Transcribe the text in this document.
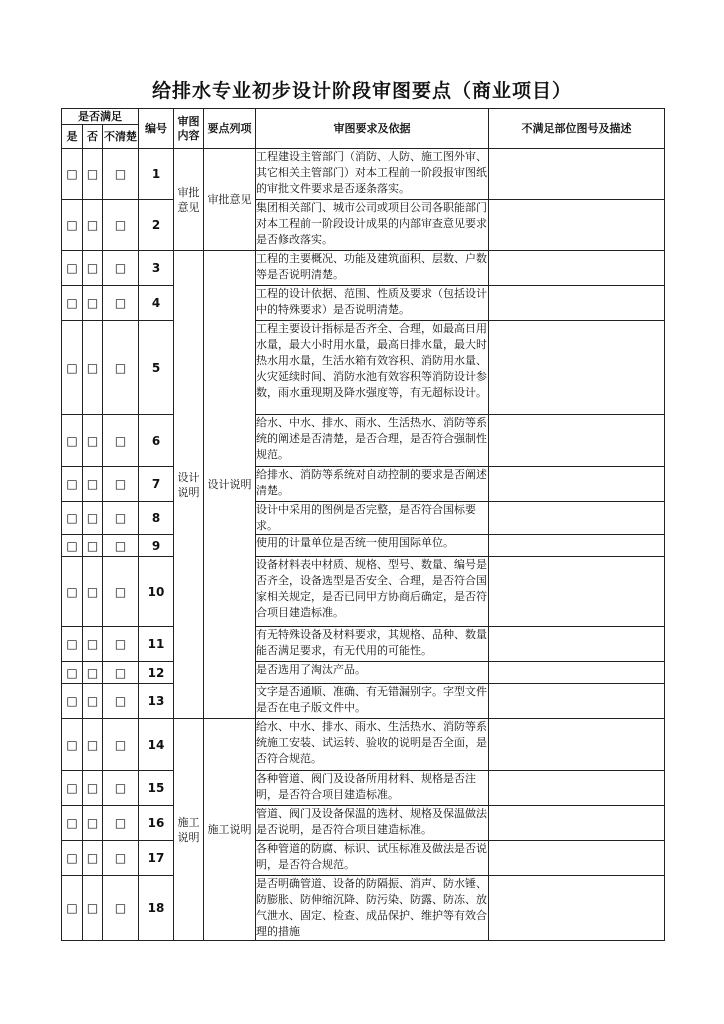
给排水专业初步设计阶段审图要点（商业项目）
是否满足			编号	审图内容	要点列项	审图要求及依据	不满足部位图号及描述
是	否	不清楚					
□	□	□	1	审批意见	审批意见	工程建设主管部门（消防、人防、施工图外审、其它相关主管部门）对本工程前一阶段报审图纸的审批文件要求是否逐条落实。	
□	□	□	2			集团相关部门、城市公司或项目公司各职能部门对本工程前一阶段设计成果的内部审查意见要求是否修改落实。	
□	□	□	3	设计说明	设计说明	工程的主要概况、功能及建筑面积、层数、户数等是否说明清楚。	
□	□	□	4			工程的设计依据、范围、性质及要求（包括设计中的特殊要求）是否说明清楚。	
□	□	□	5			工程主要设计指标是否齐全、合理，如最高日用水量，最大小时用水量，最高日排水量，最大时热水用水量，生活水箱有效容积、消防用水量、火灾延续时间、消防水池有效容积等消防设计参数，雨水重现期及降水强度等，有无超标设计。	
□	□	□	6			给水、中水、排水、雨水、生活热水、消防等系统的阐述是否清楚，是否合理，是否符合强制性规范。	
□	□	□	7			给排水、消防等系统对自动控制的要求是否阐述清楚。	
□	□	□	8			设计中采用的图例是否完整，是否符合国标要求。	
□	□	□	9			使用的计量单位是否统一使用国际单位。	
□	□	□	10			设备材料表中材质、规格、型号、数量、编号是否齐全，设备选型是否安全、合理，是否符合国家相关规定，是否已同甲方协商后确定，是否符合项目建造标准。	
□	□	□	11			有无特殊设备及材料要求，其规格、品种、数量能否满足要求，有无代用的可能性。	
□	□	□	12			是否选用了淘汰产品。	
□	□	□	13			文字是否通顺、准确、有无错漏别字。字型文件是否在电子版文件中。	
□	□	□	14	施工说明	施工说明	给水、中水、排水、雨水、生活热水、消防等系统施工安装、试运转、验收的说明是否全面，是否符合规范。	
□	□	□	15			各种管道、阀门及设备所用材料、规格是否注明，是否符合项目建造标准。	
□	□	□	16			管道、阀门及设备保温的选材、规格及保温做法是否说明，是否符合项目建造标准。	
□	□	□	17			各种管道的防腐、标识、试压标准及做法是否说明，是否符合规范。	
□	□	□	18			是否明确管道、设备的防隔振、消声、防水锤、防膨胀、防伸缩沉降、防污染、防露、防冻、放气泄水、固定、检查、成品保护、维护等有效合理的措施	
